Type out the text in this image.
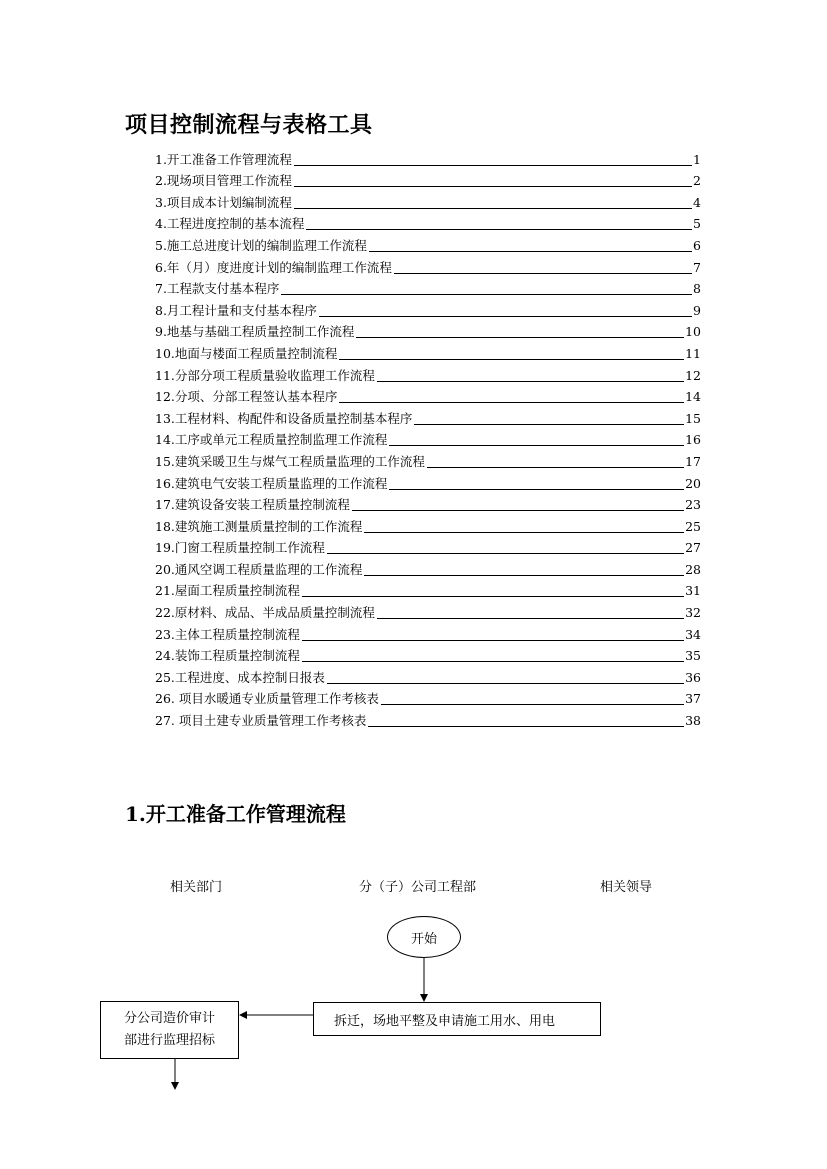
项目控制流程与表格工具
1.开工准备工作管理流程	1
2.现场项目管理工作流程	2
3.项目成本计划编制流程	4
4.工程进度控制的基本流程	5
5.施工总进度计划的编制监理工作流程	6
6.年（月）度进度计划的编制监理工作流程	7
7.工程款支付基本程序	8
8.月工程计量和支付基本程序	9
9.地基与基础工程质量控制工作流程	10
10.地面与楼面工程质量控制流程	11
11.分部分项工程质量验收监理工作流程	12
12.分项、分部工程签认基本程序	14
13.工程材料、构配件和设备质量控制基本程序	15
14.工序或单元工程质量控制监理工作流程	16
15.建筑采暖卫生与煤气工程质量监理的工作流程	17
16.建筑电气安装工程质量监理的工作流程	20
17.建筑设备安装工程质量控制流程	23
18.建筑施工测量质量控制的工作流程	25
19.门窗工程质量控制工作流程	27
20.通风空调工程质量监理的工作流程	28
21.屋面工程质量控制流程	31
22.原材料、成品、半成品质量控制流程	32
23.主体工程质量控制流程	34
24.装饰工程质量控制流程	35
25.工程进度、成本控制日报表	36
26. 项目水暖通专业质量管理工作考核表	37
27. 项目土建专业质量管理工作考核表	38
1.开工准备工作管理流程
相关部门	分（子）公司工程部	相关领导
开始
拆迁，场地平整及申请施工用水、用电
分公司造价审计
部进行监理招标
